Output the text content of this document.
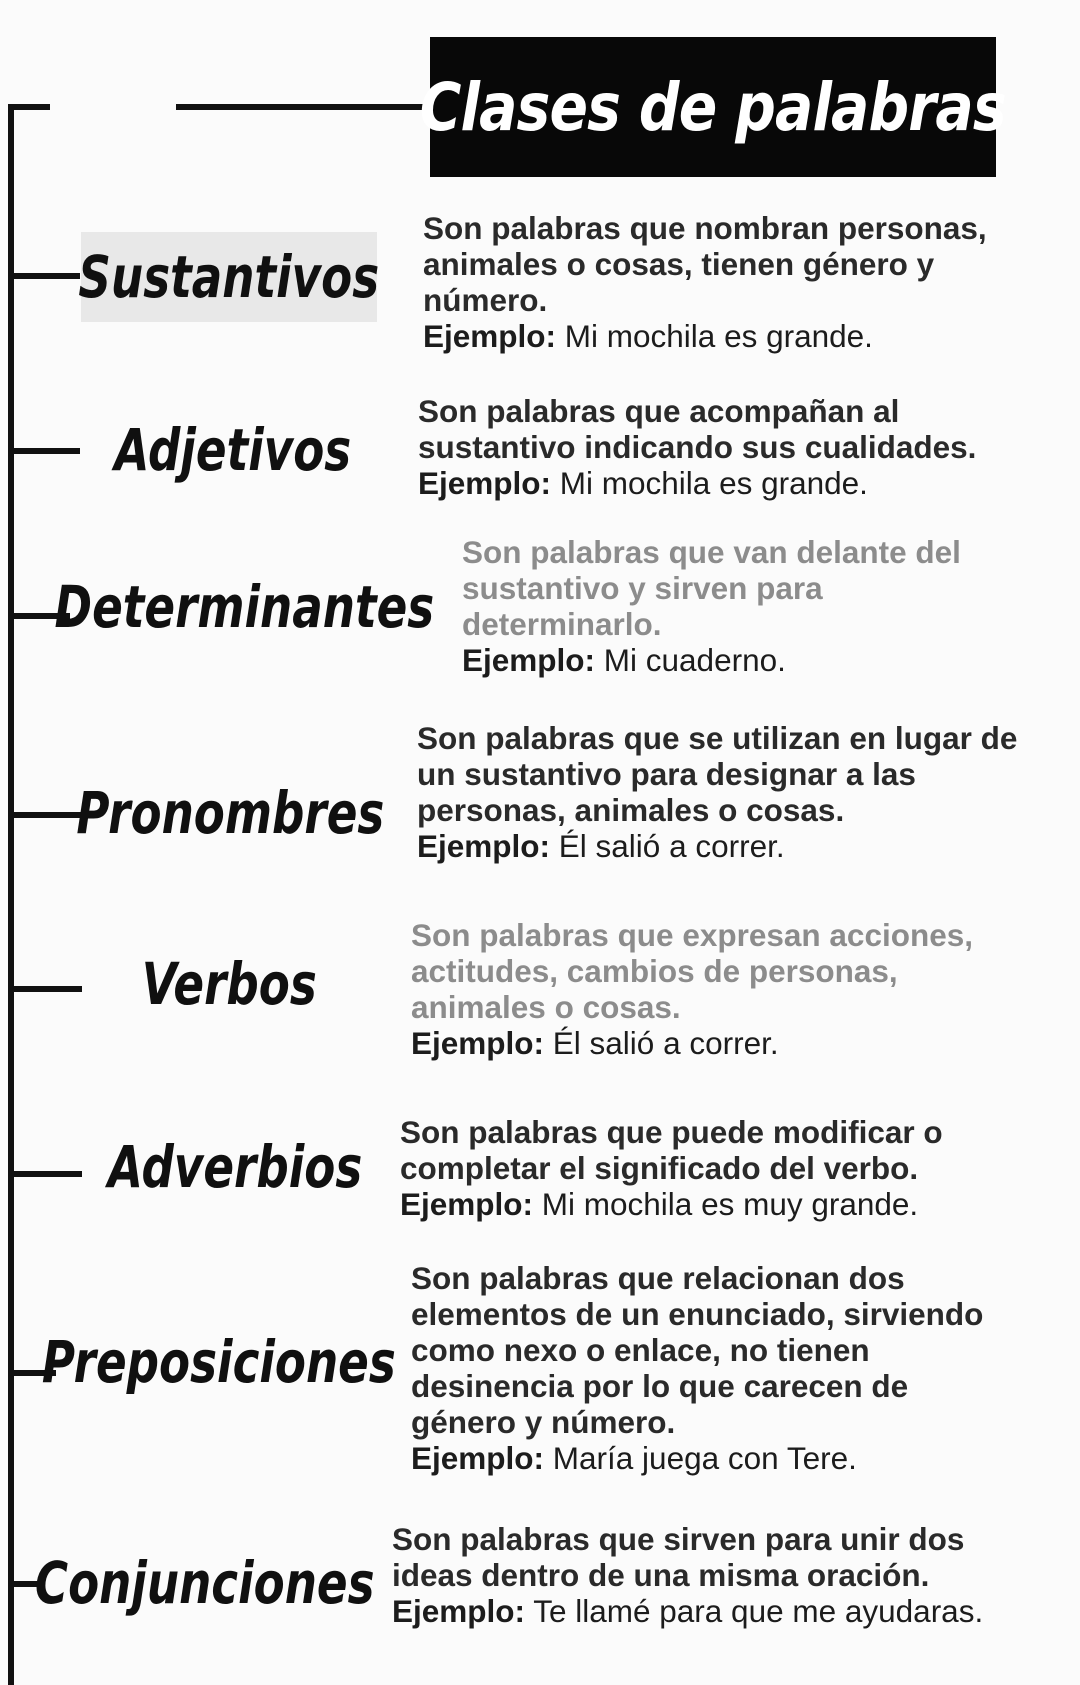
Clases de palabras
Sustantivos
Son palabras que nombran personas,
animales o cosas, tienen género y
número.
Ejemplo: Mi mochila es grande.
Adjetivos
Son palabras que acompañan al
sustantivo indicando sus cualidades.
Ejemplo: Mi mochila es grande.
Determinantes
Son palabras que van delante del
sustantivo y sirven para
determinarlo.
Ejemplo: Mi cuaderno.
Pronombres
Son palabras que se utilizan en lugar de
un sustantivo para designar a las
personas, animales o cosas.
Ejemplo: Él salió a correr.
Verbos
Son palabras que expresan acciones,
actitudes, cambios de personas,
animales o cosas.
Ejemplo: Él salió a correr.
Adverbios
Son palabras que puede modificar o
completar el significado del verbo.
Ejemplo: Mi mochila es muy grande.
Preposiciones
Son palabras que relacionan dos
elementos de un enunciado, sirviendo
como nexo o enlace, no tienen
desinencia por lo que carecen de
género y número.
Ejemplo: María juega con Tere.
Conjunciones
Son palabras que sirven para unir dos
ideas dentro de una misma oración.
Ejemplo: Te llamé para que me ayudaras.
